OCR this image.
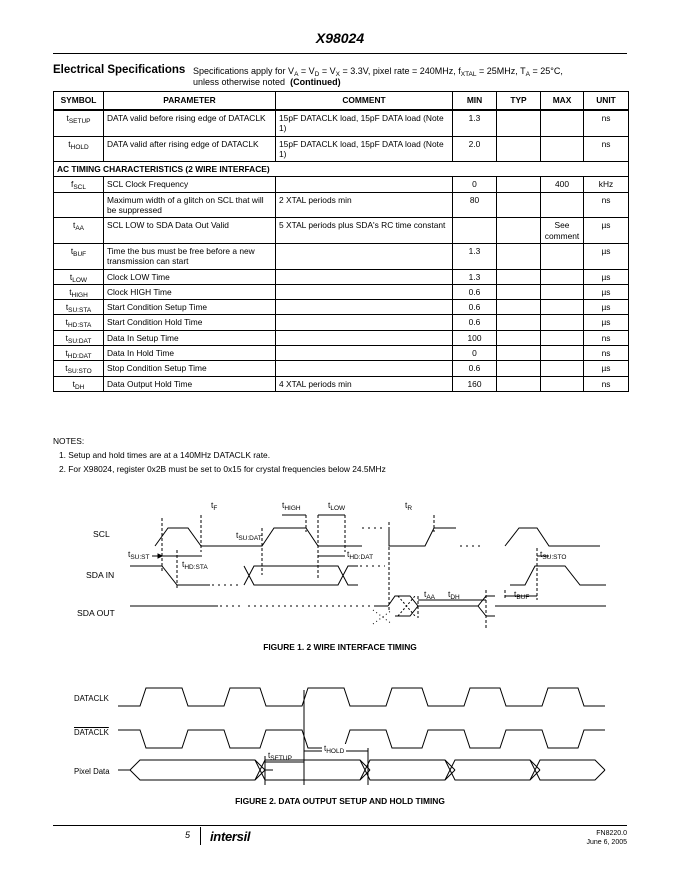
X98024
Electrical Specifications Specifications apply for $V_A = V_D = V_X = 3.3V$, pixel rate = 240MHz, $f_{XTAL} = 25MHz$, $T_A = 25^\circ C$,
unless otherwise noted (Continued)
SYMBOL	PARAMETER	COMMENT	MIN	TYP	MAX	UNIT
$t_{SETUP}$	DATA valid before rising edge of DATACLK	15pF DATACLK load, 15pF DATA load (Note 1)	1.3			ns
$t_{HOLD}$	DATA valid after rising edge of DATACLK	15pF DATACLK load, 15pF DATA load (Note 1)	2.0			ns
AC TIMING CHARACTERISTICS (2 WIRE INTERFACE)						
$f_{SCL}$	SCL Clock Frequency		0		400	kHz
	Maximum width of a glitch on SCL that will be suppressed	2 XTAL periods min	80			ns
$t_{AA}$	SCL LOW to SDA Data Out Valid	5 XTAL periods plus SDA's RC time constant			See comment	µs
$t_{BUF}$	Time the bus must be free before a new transmission can start		1.3			µs
$t_{LOW}$	Clock LOW Time		1.3			µs
$t_{HIGH}$	Clock HIGH Time		0.6			µs
$t_{SU:STA}$	Start Condition Setup Time		0.6			µs
$t_{HD:STA}$	Start Condition Hold Time		0.6			µs
$t_{SU:DAT}$	Data In Setup Time		100			ns
$t_{HD:DAT}$	Data In Hold Time		0			ns
$t_{SU:STO}$	Stop Condition Setup Time		0.6			µs
$t_{DH}$	Data Output Hold Time	4 XTAL periods min	160			ns
NOTES:
1. Setup and hold times are at a 140MHz DATACLK rate.
2. For X98024, register 0x2B must be set to 0x15 for crystal frequencies below 24.5MHz
SCL
SDA IN
SDA OUT
$t_F$	$t_{HIGH}$	$t_{LOW}$	$t_R$
$t_{SU:DAT}$
$t_{SU:ST}$
$t_{HD:STA}$
$t_{HD:DAT}$	$t_{SU:STO}$
$t_{AA}$ $t_{DH}$	$t_{BUF}$
FIGURE 1. 2 WIRE INTERFACE TIMING
DATACLK
DATACLK
Pixel Data
$t_{SETUP}$
$t_{HOLD}$
FIGURE 2. DATA OUTPUT SETUP AND HOLD TIMING
5 intersil	FN8220.0
June 6, 2005
